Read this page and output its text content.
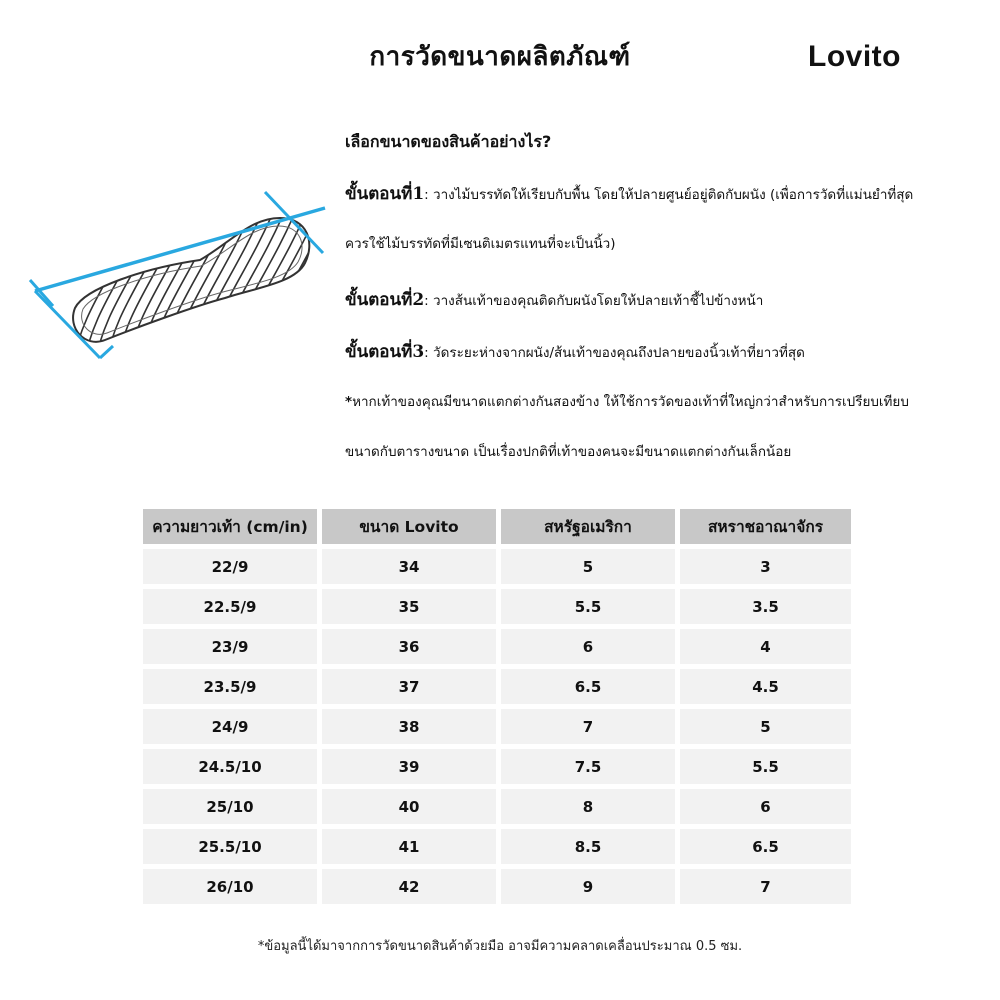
การวัดขนาดผลิตภัณฑ์	Lovito
เลือกขนาดของสินค้าอย่างไร?
ขั้นตอนที่1: วางไม้บรรทัดให้เรียบกับพื้น โดยให้ปลายศูนย์อยู่ติดกับผนัง (เพื่อการวัดที่แม่นยำที่สุด
ควรใช้ไม้บรรทัดที่มีเซนติเมตรแทนที่จะเป็นนิ้ว)
ขั้นตอนที่2: วางส้นเท้าของคุณติดกับผนังโดยให้ปลายเท้าชี้ไปข้างหน้า
ขั้นตอนที่3: วัดระยะห่างจากผนัง/ส้นเท้าของคุณถึงปลายของนิ้วเท้าที่ยาวที่สุด
*หากเท้าของคุณมีขนาดแตกต่างกันสองข้าง ให้ใช้การวัดของเท้าที่ใหญ่กว่าสำหรับการเปรียบเทียบ
ขนาดกับตารางขนาด เป็นเรื่องปกติที่เท้าของคนจะมีขนาดแตกต่างกันเล็กน้อย
ความยาวเท้า (cm/in)	ขนาด Lovito	สหรัฐอเมริกา	สหราชอาณาจักร
22/9	34	5	3
22.5/9	35	5.5	3.5
23/9	36	6	4
23.5/9	37	6.5	4.5
24/9	38	7	5
24.5/10	39	7.5	5.5
25/10	40	8	6
25.5/10	41	8.5	6.5
26/10	42	9	7
*ข้อมูลนี้ได้มาจากการวัดขนาดสินค้าด้วยมือ อาจมีความคลาดเคลื่อนประมาณ 0.5 ซม.
